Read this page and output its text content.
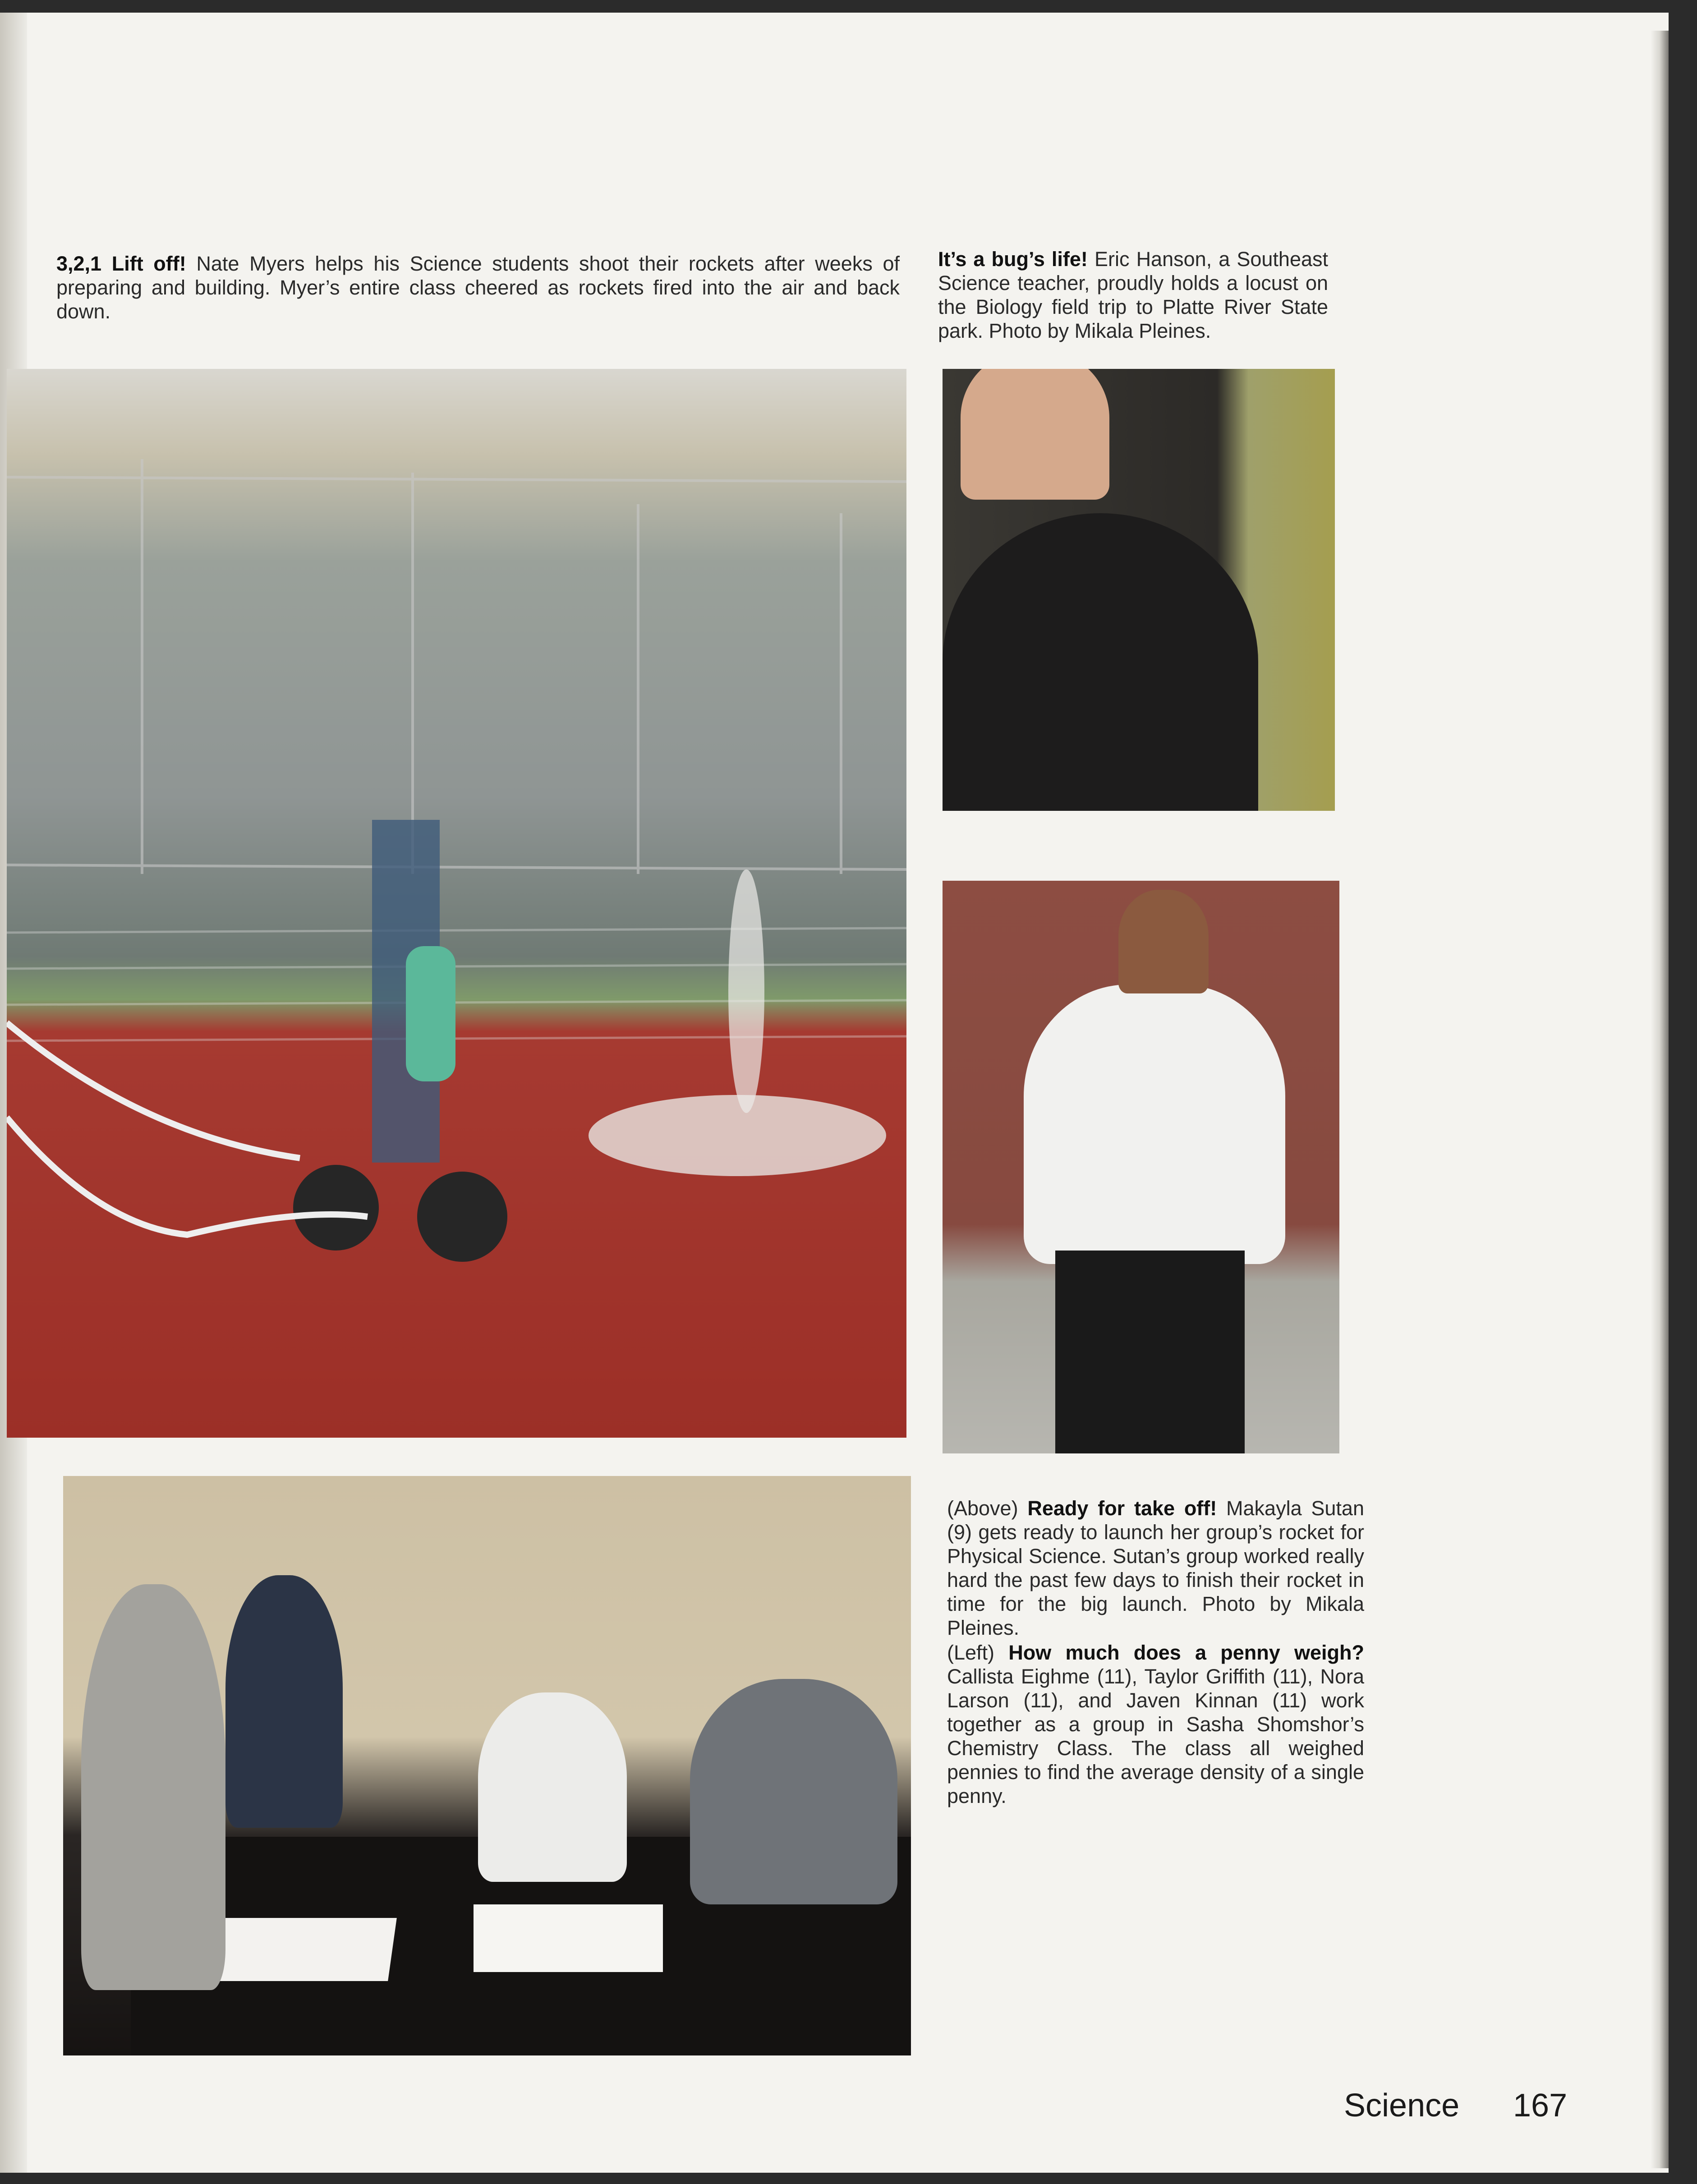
3,2,1 Lift off! Nate Myers helps his Science students shoot their rockets after weeks of preparing and building. Myer’s entire class cheered as rockets fired into the air and back down.
It’s a bug’s life! Eric Hanson, a Southeast Science teacher, proudly holds a locust on the Biology field trip to Platte River State park. Photo by Mikala Pleines.
(Above) Ready for take off! Makayla Sutan (9) gets ready to launch her group’s rocket for Physical Science. Sutan’s group worked really hard the past few days to finish their rocket in time for the big launch. Photo by Mikala Pleines.
(Left) How much does a penny weigh? Callista Eighme (11), Taylor Griffith (11), Nora Larson (11), and Javen Kinnan (11) work together as a group in Sasha Shomshor’s Chemistry Class. The class all weighed pennies to find the average density of a single penny.
Science 167
